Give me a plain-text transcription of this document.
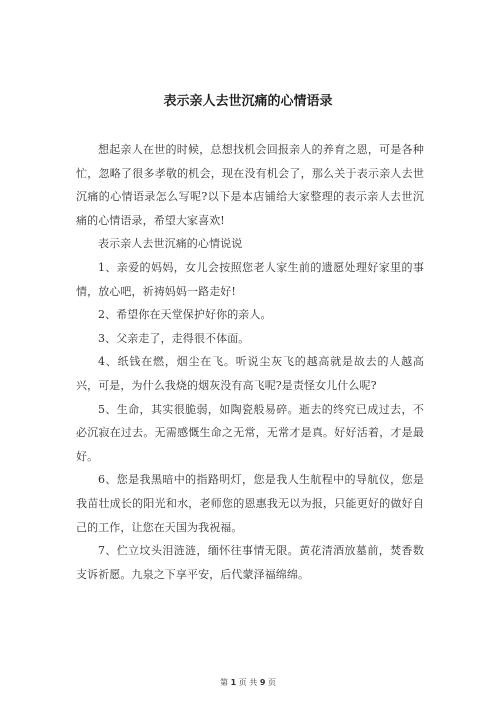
表示亲人去世沉痛的心情语录

想起亲人在世的时候，总想找机会回报亲人的养育之恩，可是各种忙，忽略了很多孝敬的机会，现在没有机会了，那么关于表示亲人去世沉痛的心情语录怎么写呢?以下是本店铺给大家整理的表示亲人去世沉痛的心情语录，希望大家喜欢!

表示亲人去世沉痛的心情说说

1、亲爱的妈妈，女儿会按照您老人家生前的遗愿处理好家里的事情，放心吧，祈祷妈妈一路走好!

2、希望你在天堂保护好你的亲人。

3、父亲走了，走得很不体面。

4、纸钱在燃，烟尘在飞。听说尘灰飞的越高就是故去的人越高兴，可是，为什么我烧的烟灰没有高飞呢?是责怪女儿什么呢?

5、生命，其实很脆弱，如陶瓷般易碎。逝去的终究已成过去，不必沉寂在过去。无需感慨生命之无常，无常才是真。好好活着，才是最好。

6、您是我黑暗中的指路明灯，您是我人生航程中的导航仪，您是我苗壮成长的阳光和水，老师您的恩惠我无以为报，只能更好的做好自己的工作，让您在天国为我祝福。

7、伫立坟头泪涟涟，缅怀往事情无限。黄花清酒放墓前，焚香数支诉祈愿。九泉之下享平安，后代蒙泽福绵绵。

第 1 页 共 9 页
